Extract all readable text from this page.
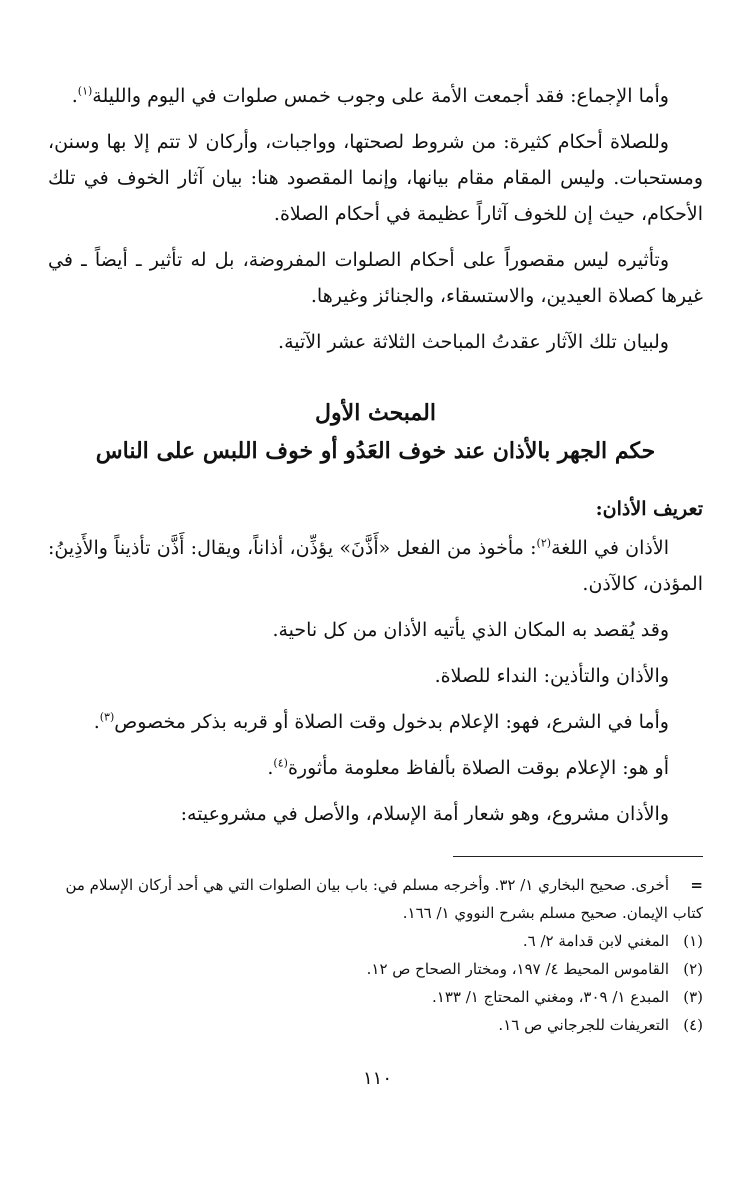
وأما الإجماع: فقد أجمعت الأمة على وجوب خمس صلوات في اليوم والليلة$^{(١)}$.

وللصلاة أحكام كثيرة: من شروط لصحتها، وواجبات، وأركان لا تتم إلا بها وسنن، ومستحبات. وليس المقام مقام بيانها، وإنما المقصود هنا: بيان آثار الخوف في تلك الأحكام، حيث إن للخوف آثاراً عظيمة في أحكام الصلاة.

وتأثيره ليس مقصوراً على أحكام الصلوات المفروضة، بل له تأثير ـ أيضاً ـ في غيرها كصلاة العيدين، والاستسقاء، والجنائز وغيرها.

ولبيان تلك الآثار عقدتُ المباحث الثلاثة عشر الآتية.

المبحث الأول
حكم الجهر بالأذان عند خوف العَدُو أو خوف اللبس على الناس
تعريف الأذان:

الأذان في اللغة$^{(٢)}$: مأخوذ من الفعل «أَذَّنَ» يؤذِّن، أذاناً، ويقال: أَذَّن تأذيناً والأَذِينُ: المؤذن، كالآذن.

وقد يُقصد به المكان الذي يأتيه الأذان من كل ناحية.

والأذان والتأذين: النداء للصلاة.

وأما في الشرع، فهو: الإعلام بدخول وقت الصلاة أو قربه بذكر مخصوص$^{(٣)}$.

أو هو: الإعلام بوقت الصلاة بألفاظ معلومة مأثورة$^{(٤)}$.

والأذان مشروع، وهو شعار أمة الإسلام، والأصل في مشروعيته:

=أخرى. صحيح البخاري ١/ ٣٢. وأخرجه مسلم في: باب بيان الصلوات التي هي أحد أركان الإسلام من كتاب الإيمان. صحيح مسلم بشرح النووي ١/ ١٦٦.

(١)المغني لابن قدامة ٢/ ٦.

(٢)القاموس المحيط ٤/ ١٩٧، ومختار الصحاح ص ١٢.

(٣)المبدع ١/ ٣٠٩، ومغني المحتاج ١/ ١٣٣.

(٤)التعريفات للجرجاني ص ١٦.

١١٠
